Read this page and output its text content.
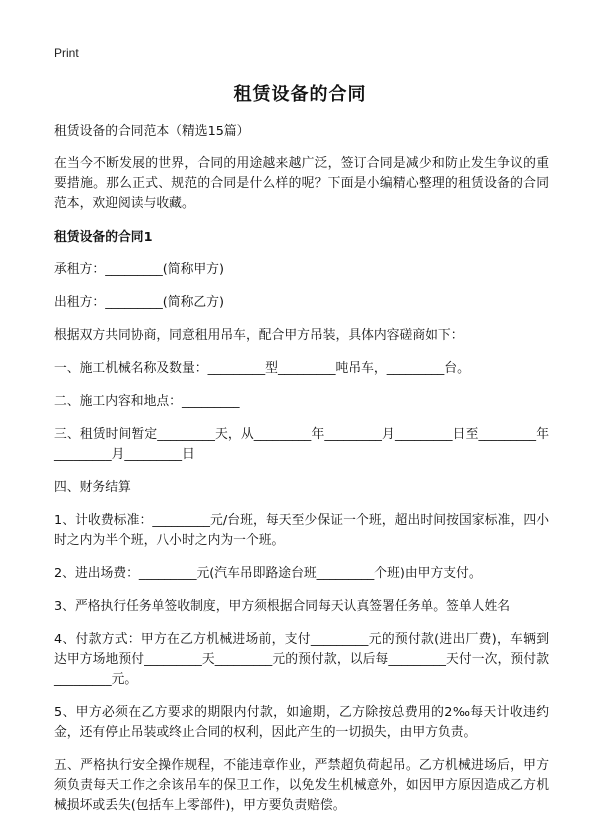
Print
租赁设备的合同

租赁设备的合同范本（精选15篇）

在当今不断发展的世界，合同的用途越来越广泛，签订合同是减少和防止发生争议的重要措施。那么正式、规范的合同是什么样的呢？下面是小编精心整理的租赁设备的合同范本，欢迎阅读与收藏。

租赁设备的合同1

承租方：_________(简称甲方)

出租方：_________(简称乙方)

根据双方共同协商，同意租用吊车，配合甲方吊装，具体内容磋商如下：

一、施工机械名称及数量：_________型_________吨吊车，_________台。

二、施工内容和地点：_________

三、租赁时间暂定_________天，从_________年_________月_________日至_________年_________月_________日

四、财务结算

1、计收费标准：_________元/台班，每天至少保证一个班，超出时间按国家标准，四小时之内为半个班，八小时之内为一个班。

2、进出场费：_________元(汽车吊即路途台班_________个班)由甲方支付。

3、严格执行任务单签收制度，甲方须根据合同每天认真签署任务单。签单人姓名

4、付款方式：甲方在乙方机械进场前，支付_________元的预付款(进出厂费)，车辆到达甲方场地预付_________天_________元的预付款，以后每_________天付一次，预付款_________元。

5、甲方必须在乙方要求的期限内付款，如逾期，乙方除按总费用的2‰每天计收违约金，还有停止吊装或终止合同的权利，因此产生的一切损失，由甲方负责。

五、严格执行安全操作规程，不能违章作业，严禁超负荷起吊。乙方机械进场后，甲方须负责每天工作之余该吊车的保卫工作，以免发生机械意外，如因甲方原因造成乙方机械损坏或丢失(包括车上零部件)，甲方要负责赔偿。
